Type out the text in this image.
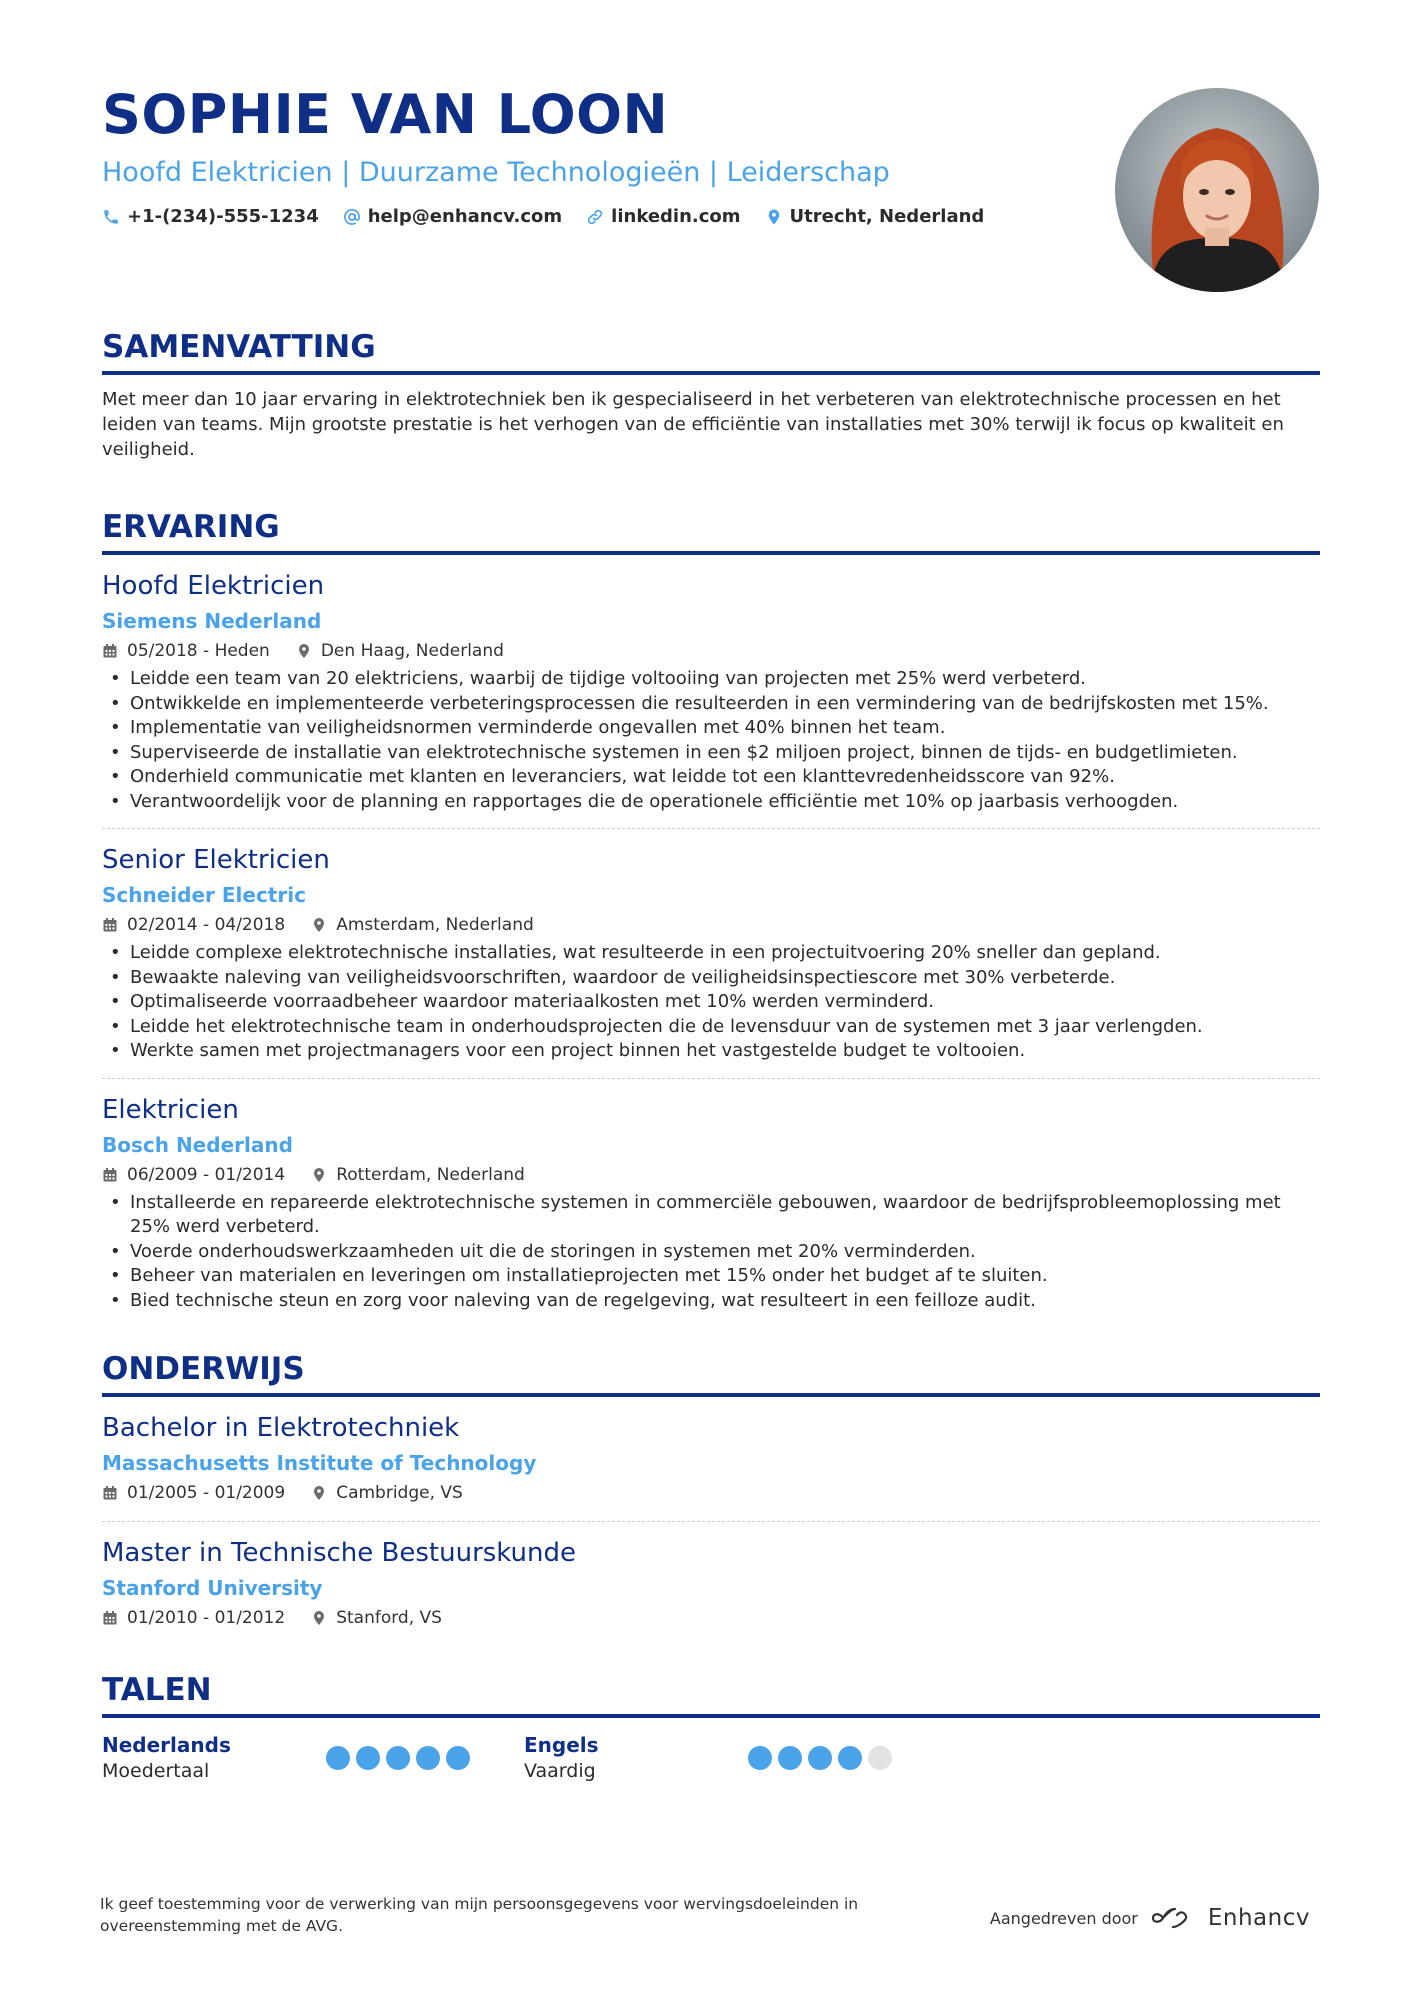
SOPHIE VAN LOON
Hoofd Elektricien | Duurzame Technologieën | Leiderschap
+1-(234)-555-1234	help@enhancv.com	linkedin.com	Utrecht, Nederland
SAMENVATTING
Met meer dan 10 jaar ervaring in elektrotechniek ben ik gespecialiseerd in het verbeteren van elektrotechnische processen en het leiden van teams. Mijn grootste prestatie is het verhogen van de efficiëntie van installaties met 30% terwijl ik focus op kwaliteit en veiligheid.
ERVARING
Hoofd Elektricien
Siemens Nederland
05/2018 - Heden	Den Haag, Nederland
• Leidde een team van 20 elektriciens, waarbij de tijdige voltooiing van projecten met 25% werd verbeterd.
• Ontwikkelde en implementeerde verbeteringsprocessen die resulteerden in een vermindering van de bedrijfskosten met 15%.
• Implementatie van veiligheidsnormen verminderde ongevallen met 40% binnen het team.
• Superviseerde de installatie van elektrotechnische systemen in een $2 miljoen project, binnen de tijds- en budgetlimieten.
• Onderhield communicatie met klanten en leveranciers, wat leidde tot een klanttevredenheidsscore van 92%.
• Verantwoordelijk voor de planning en rapportages die de operationele efficiëntie met 10% op jaarbasis verhoogden.
Senior Elektricien
Schneider Electric
02/2014 - 04/2018	Amsterdam, Nederland
• Leidde complexe elektrotechnische installaties, wat resulteerde in een projectuitvoering 20% sneller dan gepland.
• Bewaakte naleving van veiligheidsvoorschriften, waardoor de veiligheidsinspectiescore met 30% verbeterde.
• Optimaliseerde voorraadbeheer waardoor materiaalkosten met 10% werden verminderd.
• Leidde het elektrotechnische team in onderhoudsprojecten die de levensduur van de systemen met 3 jaar verlengden.
• Werkte samen met projectmanagers voor een project binnen het vastgestelde budget te voltooien.
Elektricien
Bosch Nederland
06/2009 - 01/2014	Rotterdam, Nederland
• Installeerde en repareerde elektrotechnische systemen in commerciële gebouwen, waardoor de bedrijfsprobleemoplossing met 25% werd verbeterd.
• Voerde onderhoudswerkzaamheden uit die de storingen in systemen met 20% verminderden.
• Beheer van materialen en leveringen om installatieprojecten met 15% onder het budget af te sluiten.
• Bied technische steun en zorg voor naleving van de regelgeving, wat resulteert in een feilloze audit.
ONDERWIJS
Bachelor in Elektrotechniek
Massachusetts Institute of Technology
01/2005 - 01/2009	Cambridge, VS
Master in Technische Bestuurskunde
Stanford University
01/2010 - 01/2012	Stanford, VS
TALEN
Nederlands
Moedertaal
Engels
Vaardig
Ik geef toestemming voor de verwerking van mijn persoonsgegevens voor wervingsdoeleinden in overeenstemming met de AVG.	Aangedreven door	Enhancv
